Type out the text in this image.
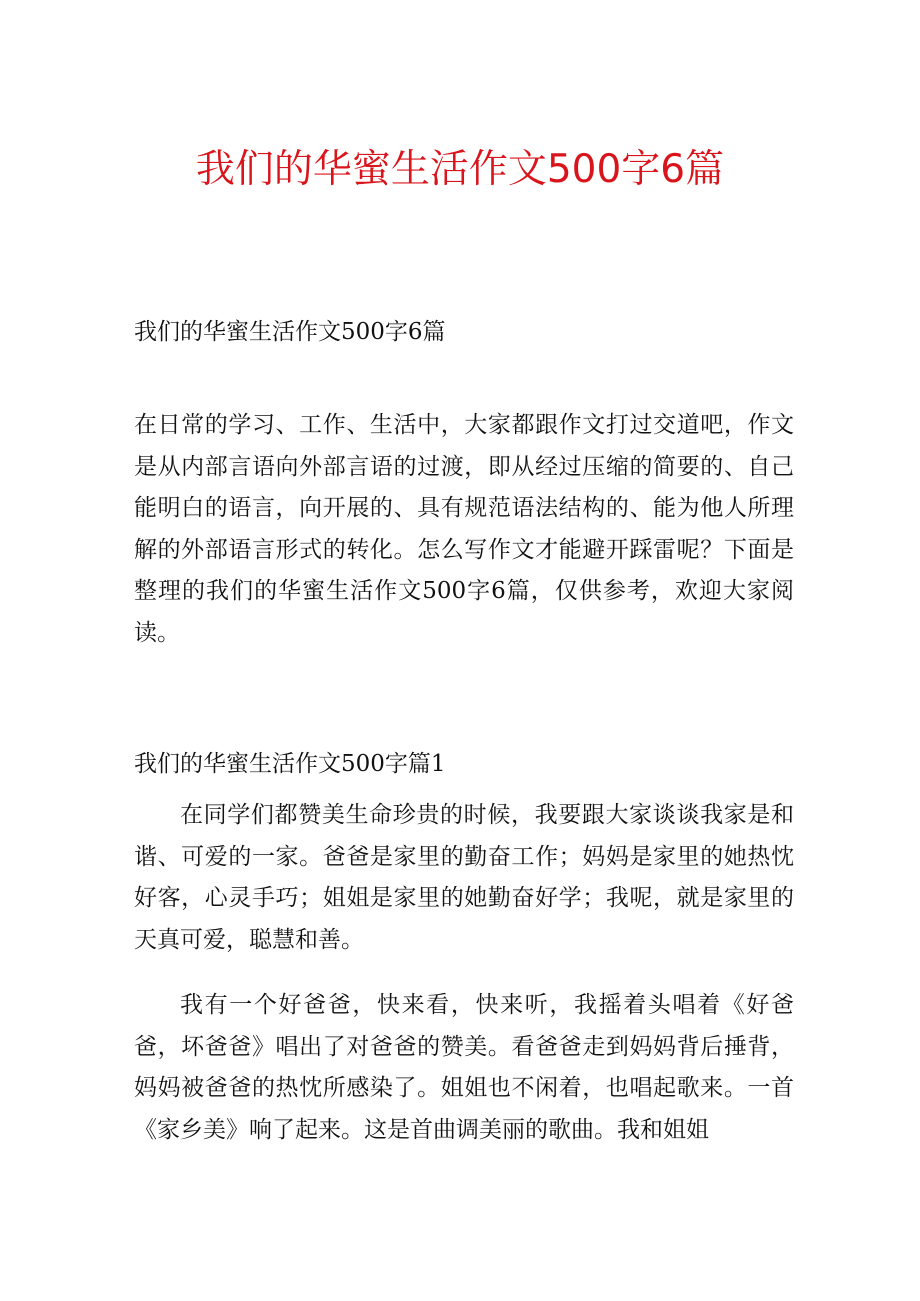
我们的华蜜生活作文500字6篇

我们的华蜜生活作文500字6篇

在日常的学习、工作、生活中，大家都跟作文打过交道吧，作文是从内部言语向外部言语的过渡，即从经过压缩的简要的、自己能明白的语言，向开展的、具有规范语法结构的、能为他人所理解的外部语言形式的转化。怎么写作文才能避开踩雷呢？下面是整理的我们的华蜜生活作文500字6篇，仅供参考，欢迎大家阅读。

我们的华蜜生活作文500字篇1

在同学们都赞美生命珍贵的时候，我要跟大家谈谈我家是和谐、可爱的一家。爸爸是家里的勤奋工作；妈妈是家里的她热忱好客，心灵手巧；姐姐是家里的她勤奋好学；我呢，就是家里的天真可爱，聪慧和善。

我有一个好爸爸，快来看，快来听，我摇着头唱着《好爸爸，坏爸爸》唱出了对爸爸的赞美。看爸爸走到妈妈背后捶背，妈妈被爸爸的热忱所感染了。姐姐也不闲着，也唱起歌来。一首《家乡美》响了起来。这是首曲调美丽的歌曲。我和姐姐
